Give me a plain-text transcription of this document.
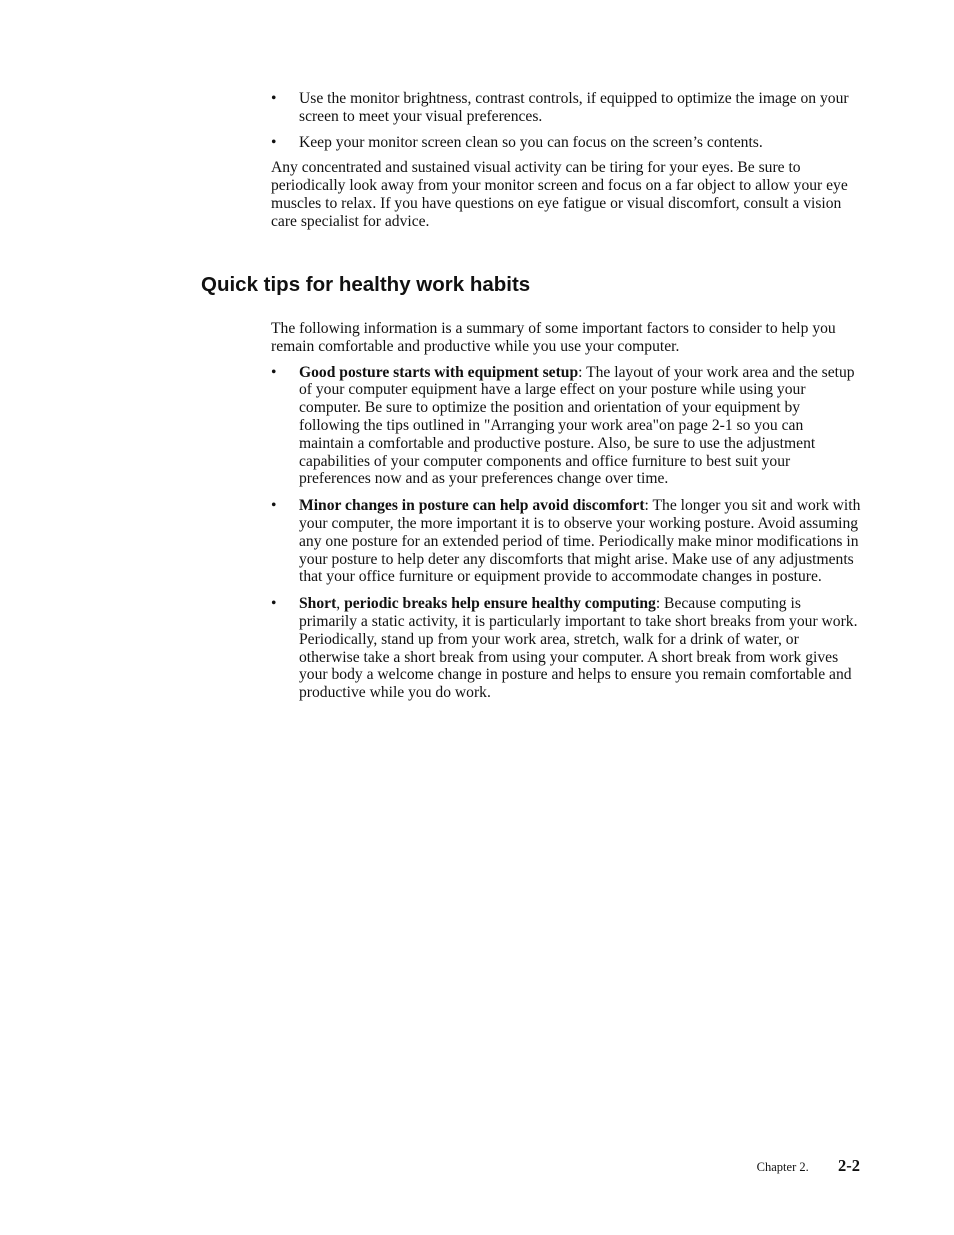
• Use the monitor brightness, contrast controls, if equipped to optimize the image on your screen to meet your visual preferences.
• Keep your monitor screen clean so you can focus on the screen’s contents.

Any concentrated and sustained visual activity can be tiring for your eyes. Be sure to periodically look away from your monitor screen and focus on a far object to allow your eye muscles to relax. If you have questions on eye fatigue or visual discomfort, consult a vision care specialist for advice.

Quick tips for healthy work habits

The following information is a summary of some important factors to consider to help you remain comfortable and productive while you use your computer.

• Good posture starts with equipment setup: The layout of your work area and the setup of your computer equipment have a large effect on your posture while using your computer. Be sure to optimize the position and orientation of your equipment by following the tips outlined in "Arranging your work area"on page 2-1 so you can maintain a comfortable and productive posture. Also, be sure to use the adjustment capabilities of your computer components and office furniture to best suit your preferences now and as your preferences change over time.
• Minor changes in posture can help avoid discomfort: The longer you sit and work with your computer, the more important it is to observe your working posture. Avoid assuming any one posture for an extended period of time. Periodically make minor modifications in your posture to help deter any discomforts that might arise. Make use of any adjustments that your office furniture or equipment provide to accommodate changes in posture.
• Short, periodic breaks help ensure healthy computing: Because computing is primarily a static activity, it is particularly important to take short breaks from your work. Periodically, stand up from your work area, stretch, walk for a drink of water, or otherwise take a short break from using your computer. A short break from work gives your body a welcome change in posture and helps to ensure you remain comfortable and productive while you do work.
Chapter 2. 2-2
